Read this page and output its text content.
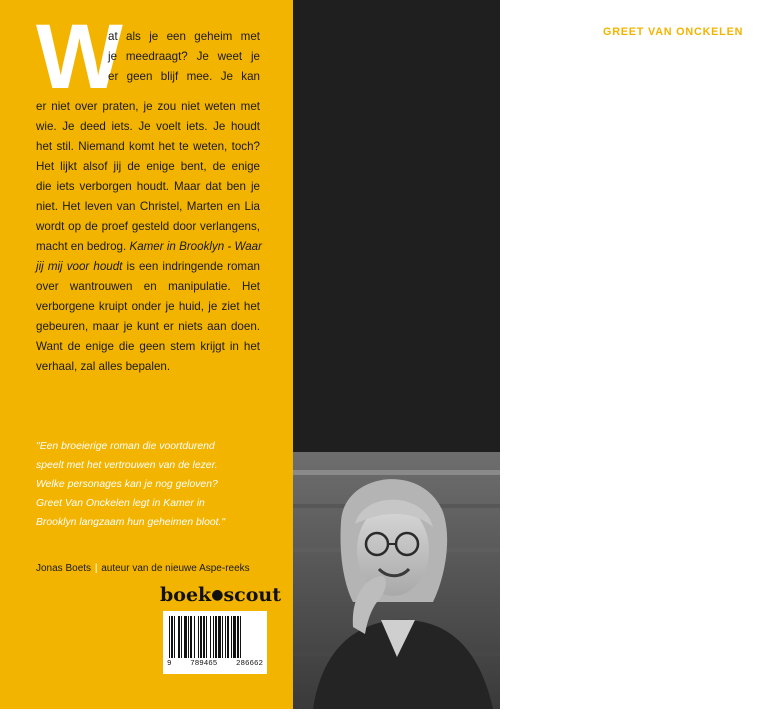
W
at als je een geheim met
je meedraagt? Je weet je
er geen blijf mee. Je kan
er niet over praten, je zou niet weten met
wie. Je deed iets. Je voelt iets. Je houdt
het stil. Niemand komt het te weten, toch?
Het lijkt alsof jij de enige bent, de enige
die iets verborgen houdt. Maar dat ben je
niet. Het leven van Christel, Marten en Lia
wordt op de proef gesteld door verlangens,
macht en bedrog. Kamer in Brooklyn - Waar
jij mij voor houdt is een indringende roman
over wantrouwen en manipulatie. Het
verborgene kruipt onder je huid, je ziet het
gebeuren, maar je kunt er niets aan doen.
Want de enige die geen stem krijgt in het
verhaal, zal alles bepalen.
"Een broeierige roman die voortdurend
speelt met het vertrouwen van de lezer.
Welke personages kan je nog geloven?
Greet Van Onckelen legt in Kamer in
Brooklyn langzaam hun geheimen bloot."
Jonas Boets | auteur van de nieuwe Aspe-reeks
boek●scout
9 789465 286662
GREET VAN ONCKELEN
(Antwerpen, 1981) schrijft,
doceert, moedert, leest,
regisseert en reist met
plezier. Ze doet de
meeste andere dingen
met minstens evenveel
enthousiasme. Sinds ze het
diploma Germaanse taal-
en letterkunde behaalde,
geeft ze Nederlands
en Engels in het vijfde
en zesde middelbaar.
Lesgeven over taal en
literaire verhalen, dat is
één ding, debuteren als
schrijver, is andere koek.
Met Kamer in Brooklyn,
waar ze enkele jaren aan
werkte, hoopt ze je een
leeservaring te bieden
die tegelijk spannend en
ontspannend is en die
net voldoende inspanning
vraagt om de plotpuzzel te
kunnen leggen.
